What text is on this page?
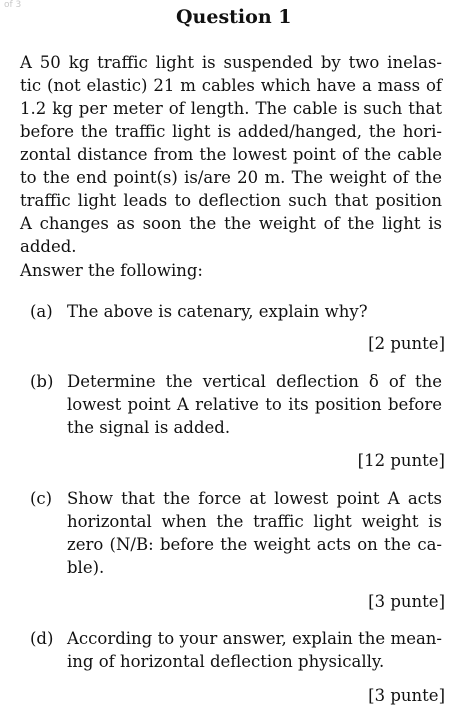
of 3
Question 1
A 50 kg traffic light is suspended by two inelas-
tic (not elastic) 21 m cables which have a mass of
1.2 kg per meter of length. The cable is such that
before the traffic light is added/hanged, the hori-
zontal distance from the lowest point of the cable
to the end point(s) is/are 20 m. The weight of the
traffic light leads to deflection such that position
A changes as soon the the weight of the light is
added.
Answer the following:
(a) The above is catenary, explain why?
[2 punte]
(b) Determine the vertical deflection δ of the
lowest point A relative to its position before
the signal is added.
[12 punte]
(c) Show that the force at lowest point A acts
horizontal when the traffic light weight is
zero (N/B: before the weight acts on the ca-
ble).
[3 punte]
(d) According to your answer, explain the mean-
ing of horizontal deflection physically.
[3 punte]
